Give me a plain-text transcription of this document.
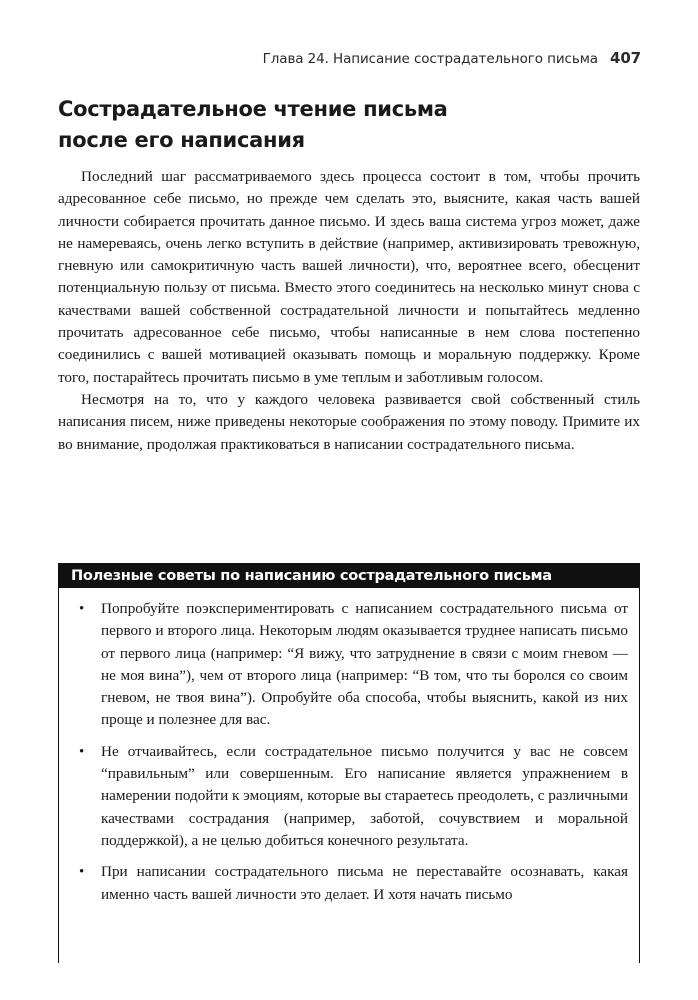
Глава 24. Написание сострадательного письма 407
Сострадательное чтение письма
после его написания

Последний шаг рассматриваемого здесь процесса состоит в том, чтобы прочить адресованное себе письмо, но прежде чем сделать это, выясните, какая часть вашей личности собирается прочитать данное письмо. И здесь ваша система угроз может, даже не намереваясь, очень легко вступить в действие (например, активизировать тревожную, гневную или самокритичную часть вашей личности), что, вероятнее всего, обесценит потенциальную пользу от письма. Вместо этого соединитесь на несколько минут снова с качествами вашей собственной сострадательной личности и попытайтесь медленно прочитать адресованное себе письмо, чтобы написанные в нем слова постепенно соединились с вашей мотивацией оказывать помощь и моральную поддержку. Кроме того, постарайтесь прочитать письмо в уме теплым и заботливым голосом.

Несмотря на то, что у каждого человека развивается свой собственный стиль написания писем, ниже приведены некоторые соображения по этому поводу. Примите их во внимание, продолжая практиковаться в написании сострадательного письма.

Полезные советы по написанию сострадательного письма
• Попробуйте поэкспериментировать с написанием сострадательного письма от первого и второго лица. Некоторым людям оказывается труднее написать письмо от первого лица (например: “Я вижу, что затруднение в связи с моим гневом — не моя вина”), чем от второго лица (например: “В том, что ты боролся со своим гневом, не твоя вина”). Опробуйте оба способа, чтобы выяснить, какой из них проще и полезнее для вас.
• Не отчаивайтесь, если сострадательное письмо получится у вас не совсем “правильным” или совершенным. Его написание является упражнением в намерении подойти к эмоциям, которые вы стараетесь преодолеть, с различными качествами сострадания (например, заботой, сочувствием и моральной поддержкой), а не целью добиться конечного результата.
• При написании сострадательного письма не переставайте осознавать, какая именно часть вашей личности это делает. И хотя начать письмо
